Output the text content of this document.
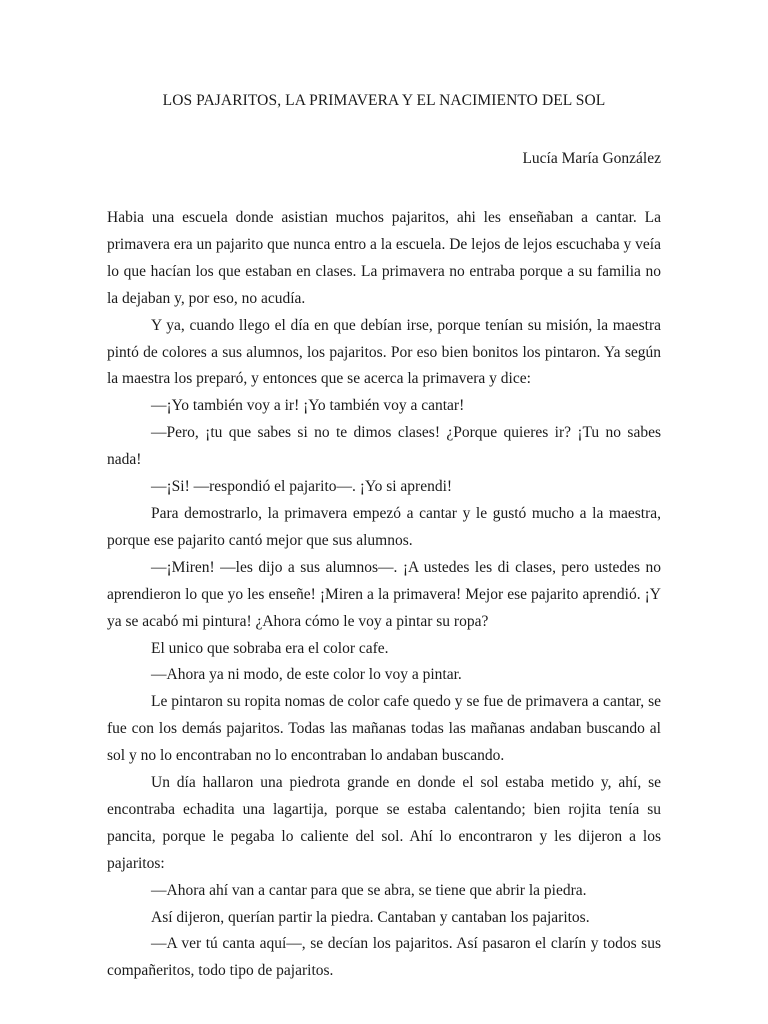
LOS PAJARITOS, LA PRIMAVERA Y EL NACIMIENTO DEL SOL
Lucía María González

Habia una escuela donde asistian muchos pajaritos, ahi les enseñaban a cantar. La primavera era un pajarito que nunca entro a la escuela. De lejos de lejos escuchaba y veía lo que hacían los que estaban en clases. La primavera no entraba porque a su familia no la dejaban y, por eso, no acudía.

Y ya, cuando llego el día en que debían irse, porque tenían su misión, la maestra pintó de colores a sus alumnos, los pajaritos. Por eso bien bonitos los pintaron. Ya según la maestra los preparó, y entonces que se acerca la primavera y dice:

—¡Yo también voy a ir! ¡Yo también voy a cantar!

—Pero, ¡tu que sabes si no te dimos clases! ¿Porque quieres ir? ¡Tu no sabes nada!

—¡Si! —respondió el pajarito—. ¡Yo si aprendi!

Para demostrarlo, la primavera empezó a cantar y le gustó mucho a la maestra, porque ese pajarito cantó mejor que sus alumnos.

—¡Miren! —les dijo a sus alumnos—. ¡A ustedes les di clases, pero ustedes no aprendieron lo que yo les enseñe! ¡Miren a la primavera! Mejor ese pajarito aprendió. ¡Y ya se acabó mi pintura! ¿Ahora cómo le voy a pintar su ropa?

El unico que sobraba era el color cafe.

—Ahora ya ni modo, de este color lo voy a pintar.

Le pintaron su ropita nomas de color cafe quedo y se fue de primavera a cantar, se fue con los demás pajaritos. Todas las mañanas todas las mañanas andaban buscando al sol y no lo encontraban no lo encontraban lo andaban buscando.

Un día hallaron una piedrota grande en donde el sol estaba metido y, ahí, se encontraba echadita una lagartija, porque se estaba calentando; bien rojita tenía su pancita, porque le pegaba lo caliente del sol. Ahí lo encontraron y les dijeron a los pajaritos:

—Ahora ahí van a cantar para que se abra, se tiene que abrir la piedra.

Así dijeron, querían partir la piedra. Cantaban y cantaban los pajaritos.

—A ver tú canta aquí—, se decían los pajaritos. Así pasaron el clarín y todos sus compañeritos, todo tipo de pajaritos.
